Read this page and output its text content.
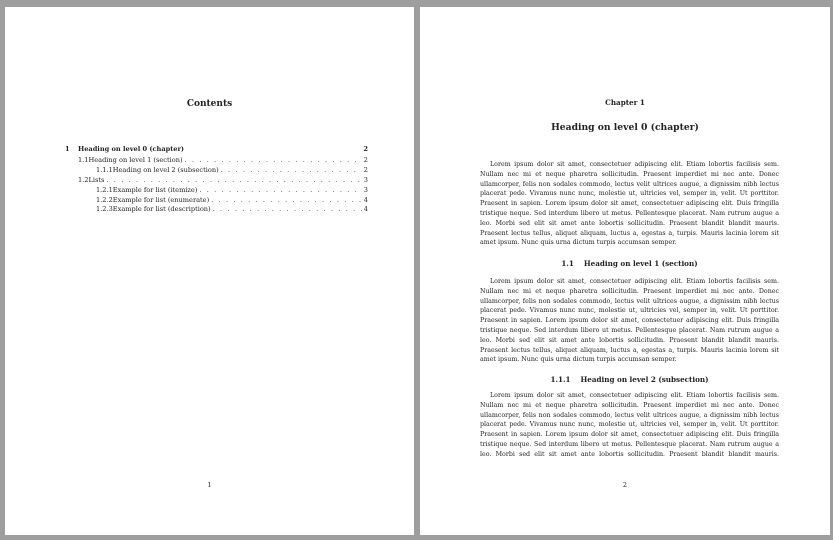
Contents
1	Heading on level 0 (chapter)	2
1.1 Heading on level 1 (section) . . .	2
1.1.1 Heading on level 2 (subsection) . . .	2
1.2 Lists . . .	3
1.2.1 Example for list (itemize) . . .	3
1.2.2 Example for list (enumerate) . . .	4
1.2.3 Example for list (description) . . .	4
1
Chapter 1
Heading on level 0 (chapter)

Lorem ipsum dolor sit amet, consectetuer adipiscing elit. Etiam lobortis facilisis sem. Nullam nec mi et neque pharetra sollicitudin. Praesent imperdiet mi nec ante. Donec ullamcorper, felis non sodales commodo, lectus velit ultrices augue, a dignissim nibh lectus placerat pede. Vivamus nunc nunc, molestie ut, ultricies vel, semper in, velit. Ut porttitor. Praesent in sapien. Lorem ipsum dolor sit amet, consectetuer adipiscing elit. Duis fringilla tristique neque. Sed interdum libero ut metus. Pellentesque placerat. Nam rutrum augue a leo. Morbi sed elit sit amet ante lobortis sollicitudin. Praesent blandit blandit mauris. Praesent lectus tellus, aliquet aliquam, luctus a, egestas a, turpis. Mauris lacinia lorem sit amet ipsum. Nunc quis urna dictum turpis accumsan semper.

1.1 Heading on level 1 (section)

Lorem ipsum dolor sit amet, consectetuer adipiscing elit. Etiam lobortis facilisis sem. Nullam nec mi et neque pharetra sollicitudin. Praesent imperdiet mi nec ante. Donec ullamcorper, felis non sodales commodo, lectus velit ultrices augue, a dignissim nibh lectus placerat pede. Vivamus nunc nunc, molestie ut, ultricies vel, semper in, velit. Ut porttitor. Praesent in sapien. Lorem ipsum dolor sit amet, consectetuer adipiscing elit. Duis fringilla tristique neque. Sed interdum libero ut metus. Pellentesque placerat. Nam rutrum augue a leo. Morbi sed elit sit amet ante lobortis sollicitudin. Praesent blandit blandit mauris. Praesent lectus tellus, aliquet aliquam, luctus a, egestas a, turpis. Mauris lacinia lorem sit amet ipsum. Nunc quis urna dictum turpis accumsan semper.

1.1.1 Heading on level 2 (subsection)

Lorem ipsum dolor sit amet, consectetuer adipiscing elit. Etiam lobortis facilisis sem. Nullam nec mi et neque pharetra sollicitudin. Praesent imperdiet mi nec ante. Donec ullamcorper, felis non sodales commodo, lectus velit ultrices augue, a dignissim nibh lectus placerat pede. Vivamus nunc nunc, molestie ut, ultricies vel, semper in, velit. Ut porttitor. Praesent in sapien. Lorem ipsum dolor sit amet, consectetuer adipiscing elit. Duis fringilla tristique neque. Sed interdum libero ut metus. Pellentesque placerat. Nam rutrum augue a leo. Morbi sed elit sit amet ante lobortis sollicitudin. Praesent blandit blandit mauris.

2
